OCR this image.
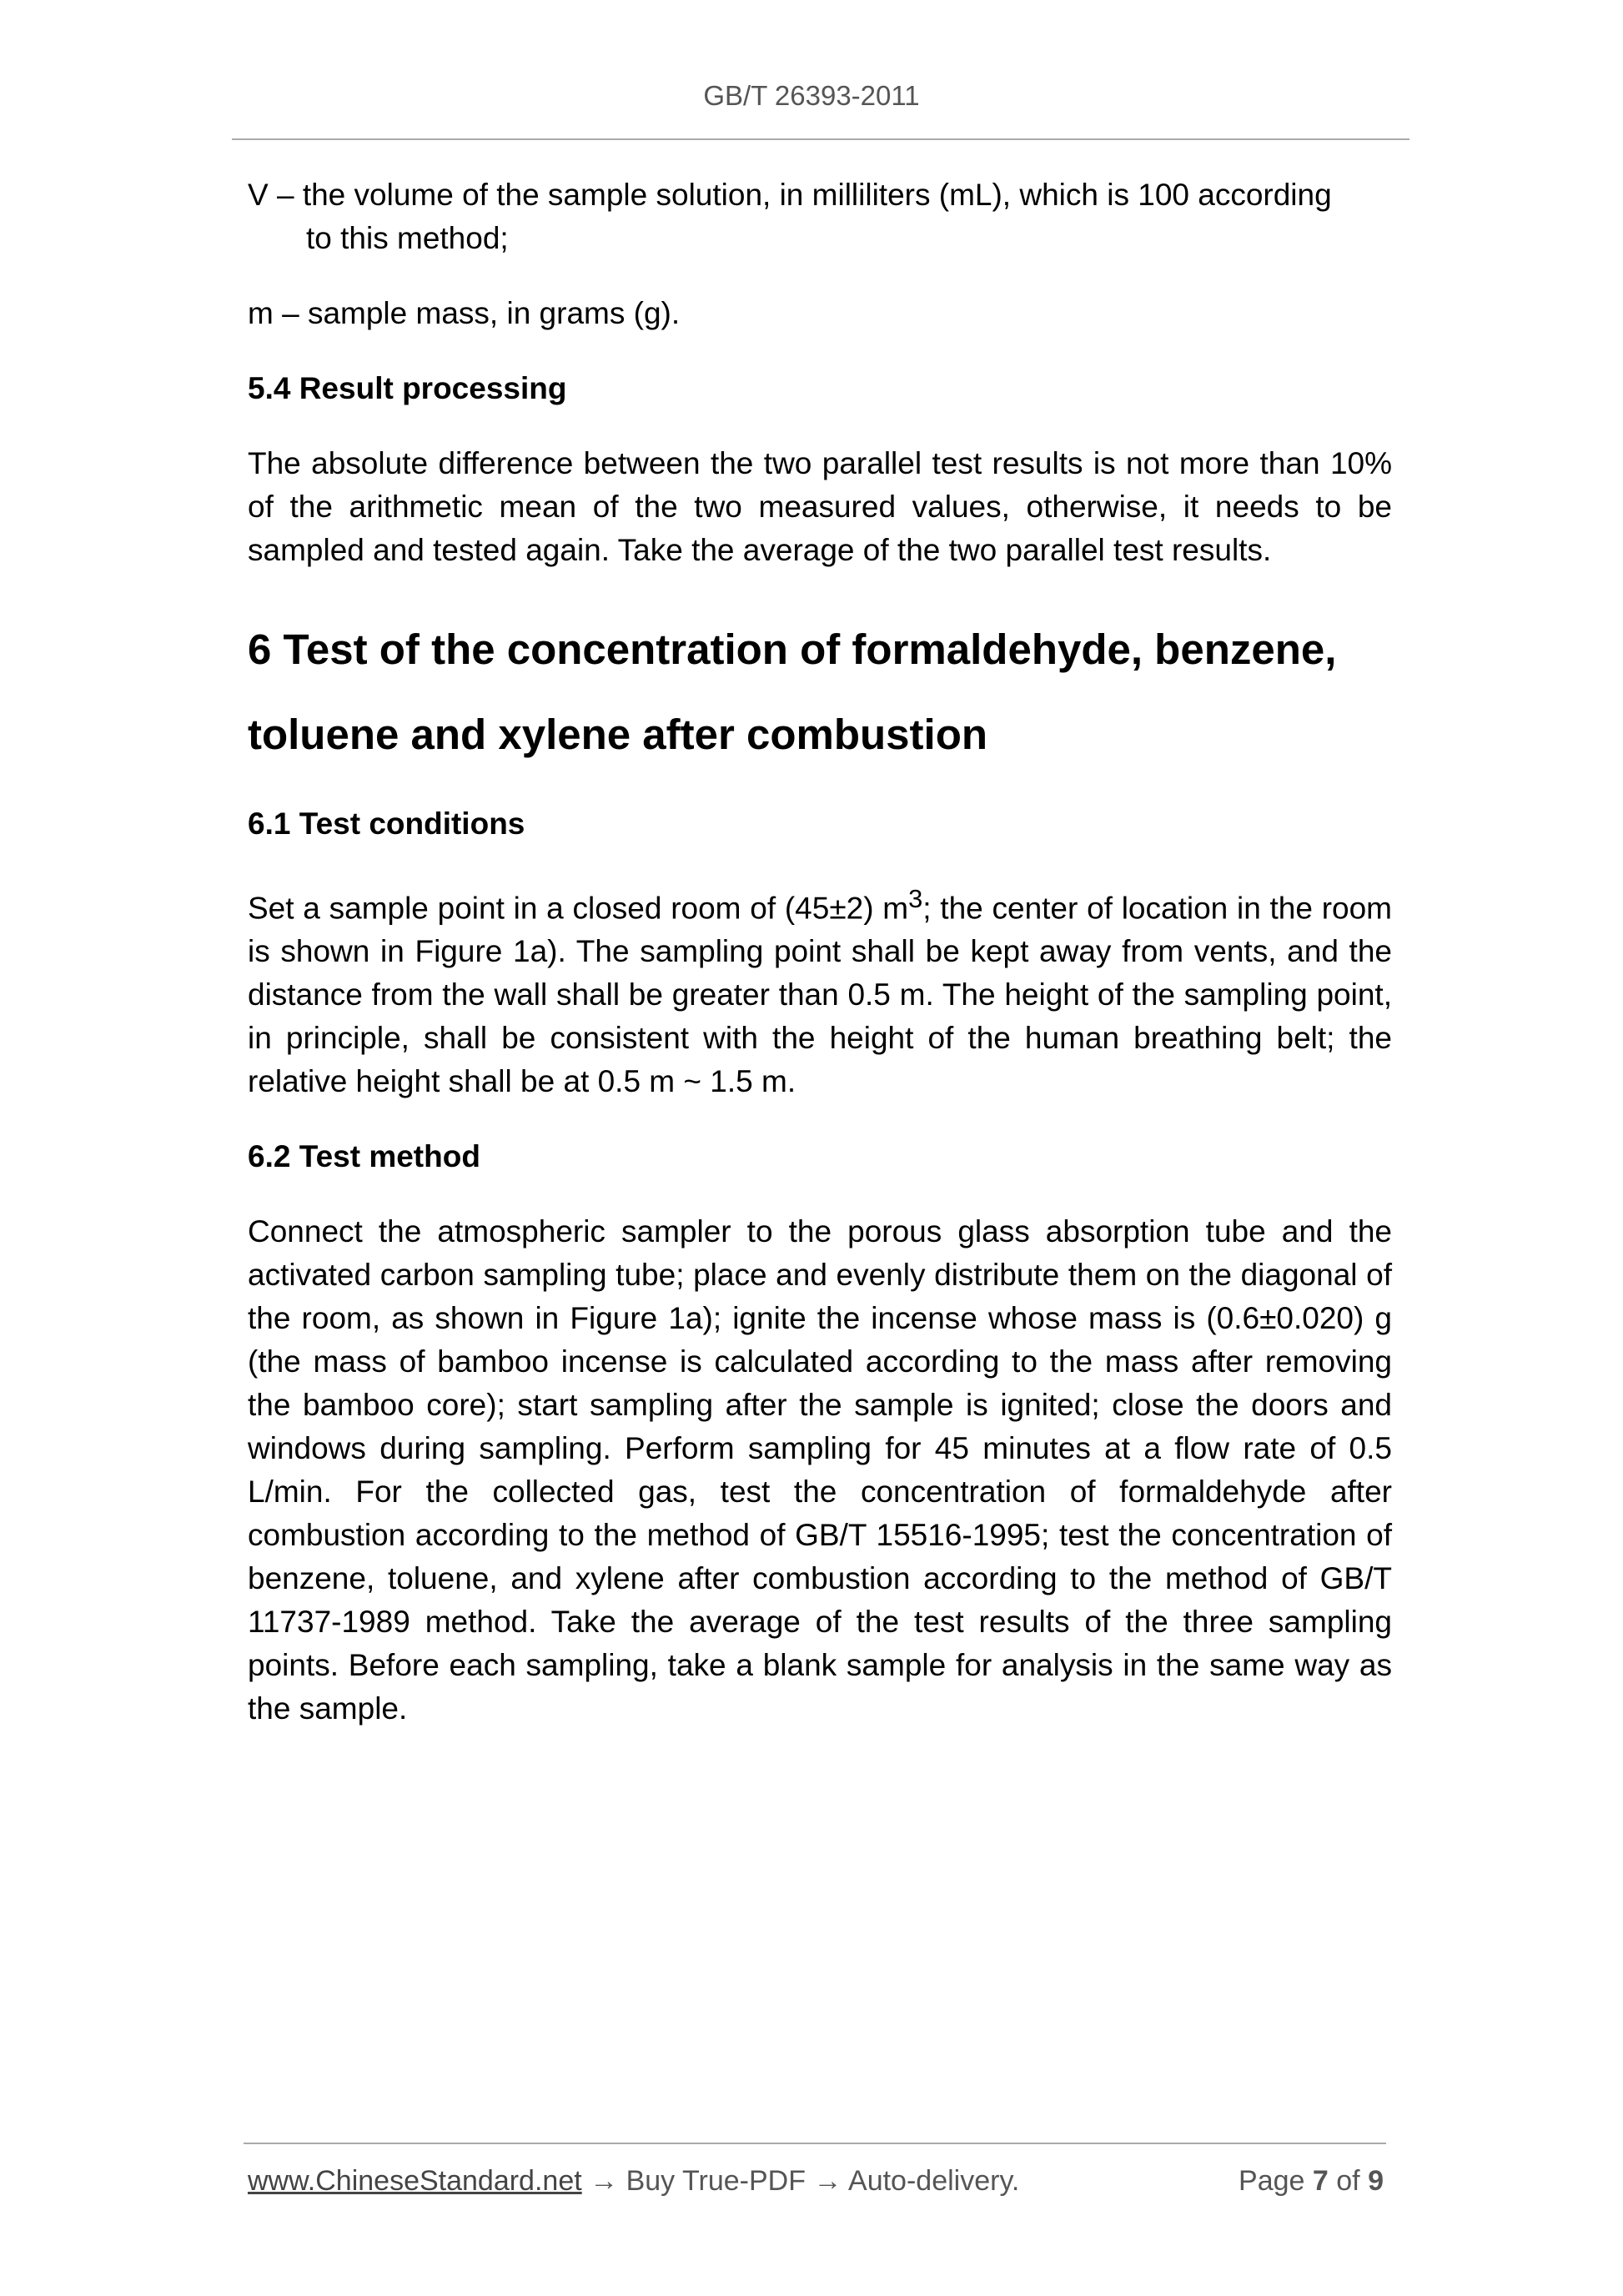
GB/T 26393-2011

V – the volume of the sample solution, in milliliters (mL), which is 100 according
to this method;

m – sample mass, in grams (g).

5.4 Result processing

The absolute difference between the two parallel test results is not more than 10% of the arithmetic mean of the two measured values, otherwise, it needs to be sampled and tested again. Take the average of the two parallel test results.

6 Test of the concentration of formaldehyde, benzene,
toluene and xylene after combustion

6.1 Test conditions

Set a sample point in a closed room of (45±2) $m^3$; the center of location in the room is shown in Figure 1a). The sampling point shall be kept away from vents, and the distance from the wall shall be greater than 0.5 m. The height of the sampling point, in principle, shall be consistent with the height of the human breathing belt; the relative height shall be at 0.5 m ~ 1.5 m.

6.2 Test method

Connect the atmospheric sampler to the porous glass absorption tube and the activated carbon sampling tube; place and evenly distribute them on the diagonal of the room, as shown in Figure 1a); ignite the incense whose mass is (0.6±0.020) g (the mass of bamboo incense is calculated according to the mass after removing the bamboo core); start sampling after the sample is ignited; close the doors and windows during sampling. Perform sampling for 45 minutes at a flow rate of 0.5 L/min. For the collected gas, test the concentration of formaldehyde after combustion according to the method of GB/T 15516-1995; test the concentration of benzene, toluene, and xylene after combustion according to the method of GB/T 11737-1989 method. Take the average of the test results of the three sampling points. Before each sampling, take a blank sample for analysis in the same way as the sample.

www.ChineseStandard.net → Buy True-PDF → Auto-delivery.	Page 7 of 9
